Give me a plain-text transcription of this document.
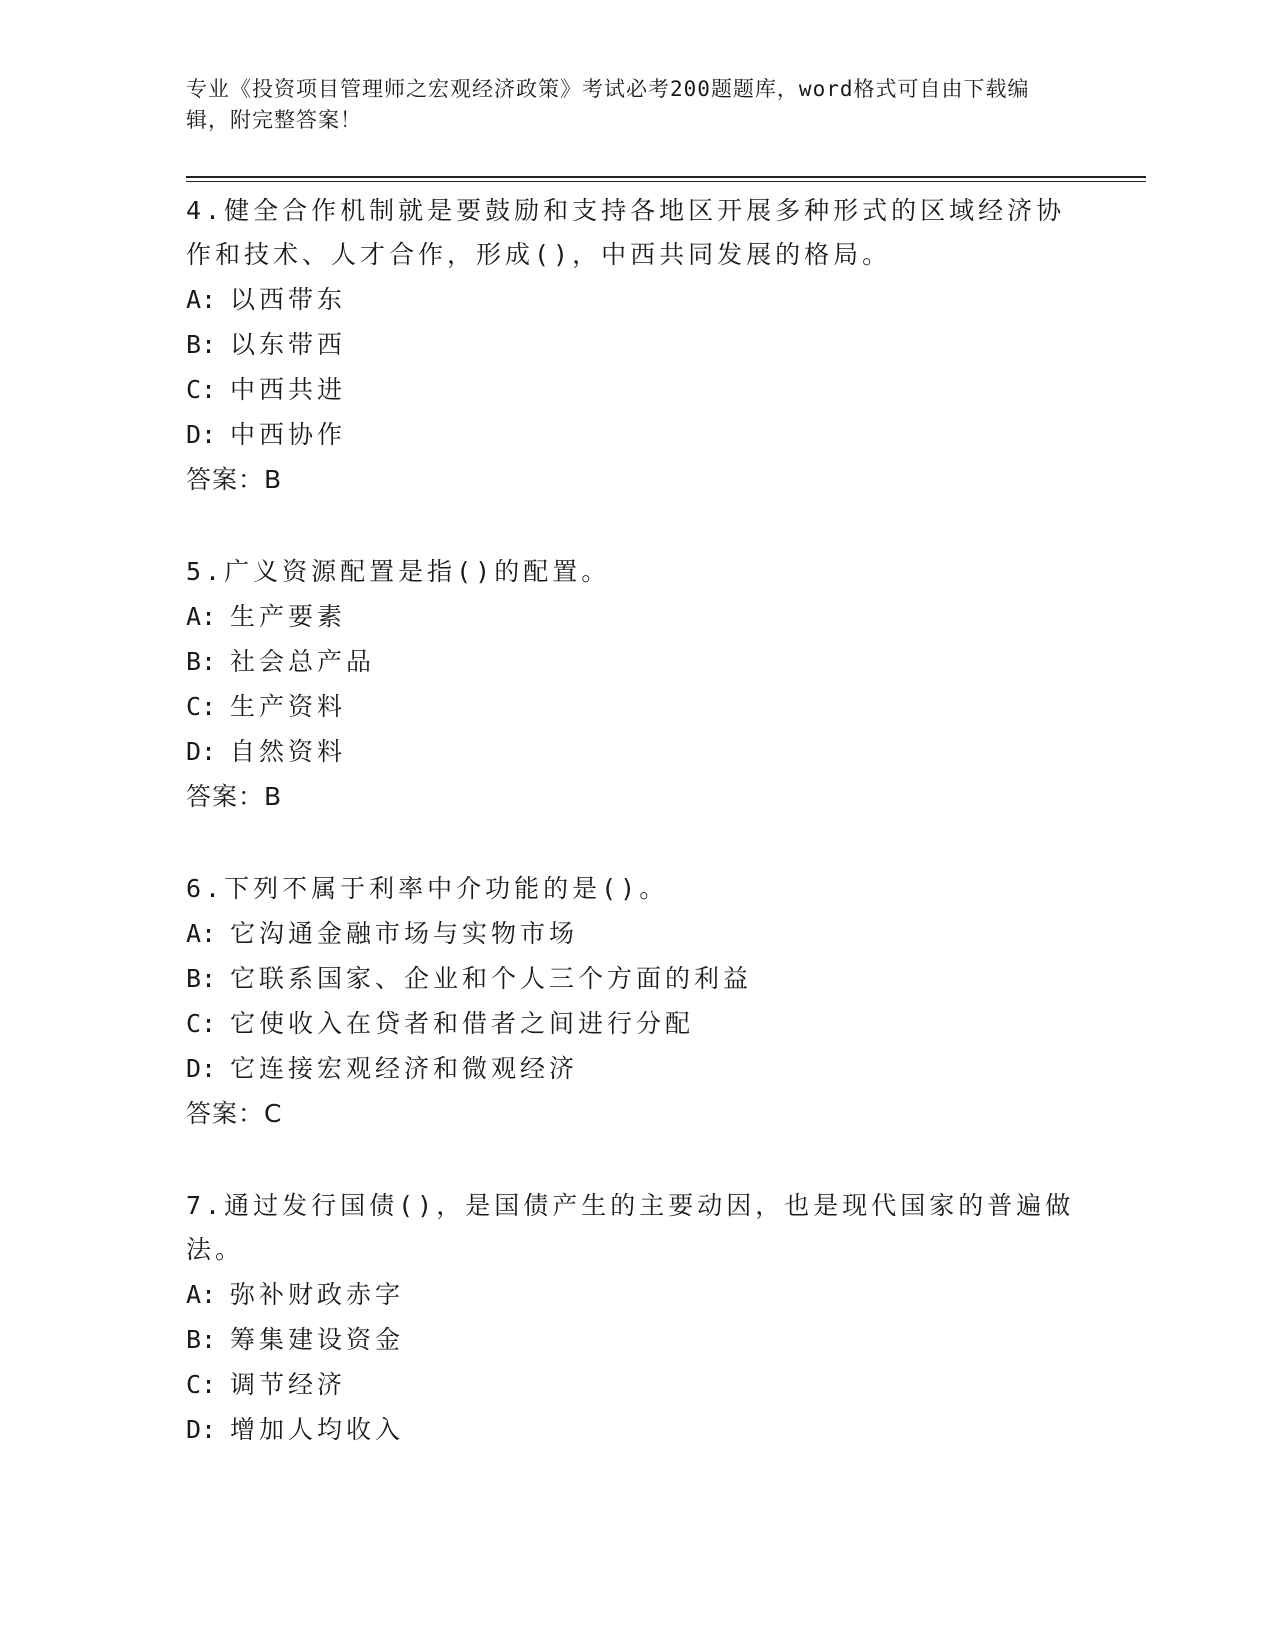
专业《投资项目管理师之宏观经济政策》考试必考200题题库，word格式可自由下载编辑，附完整答案！
4.健全合作机制就是要鼓励和支持各地区开展多种形式的区域经济协作和技术、人才合作，形成()，中西共同发展的格局。
A: 以西带东
B: 以东带西
C: 中西共进
D: 中西协作
答案：B
5.广义资源配置是指()的配置。
A: 生产要素
B: 社会总产品
C: 生产资料
D: 自然资料
答案：B
6.下列不属于利率中介功能的是()。
A: 它沟通金融市场与实物市场
B: 它联系国家、企业和个人三个方面的利益
C: 它使收入在贷者和借者之间进行分配
D: 它连接宏观经济和微观经济
答案：C
7.通过发行国债()，是国债产生的主要动因，也是现代国家的普遍做法。
A: 弥补财政赤字
B: 筹集建设资金
C: 调节经济
D: 增加人均收入
